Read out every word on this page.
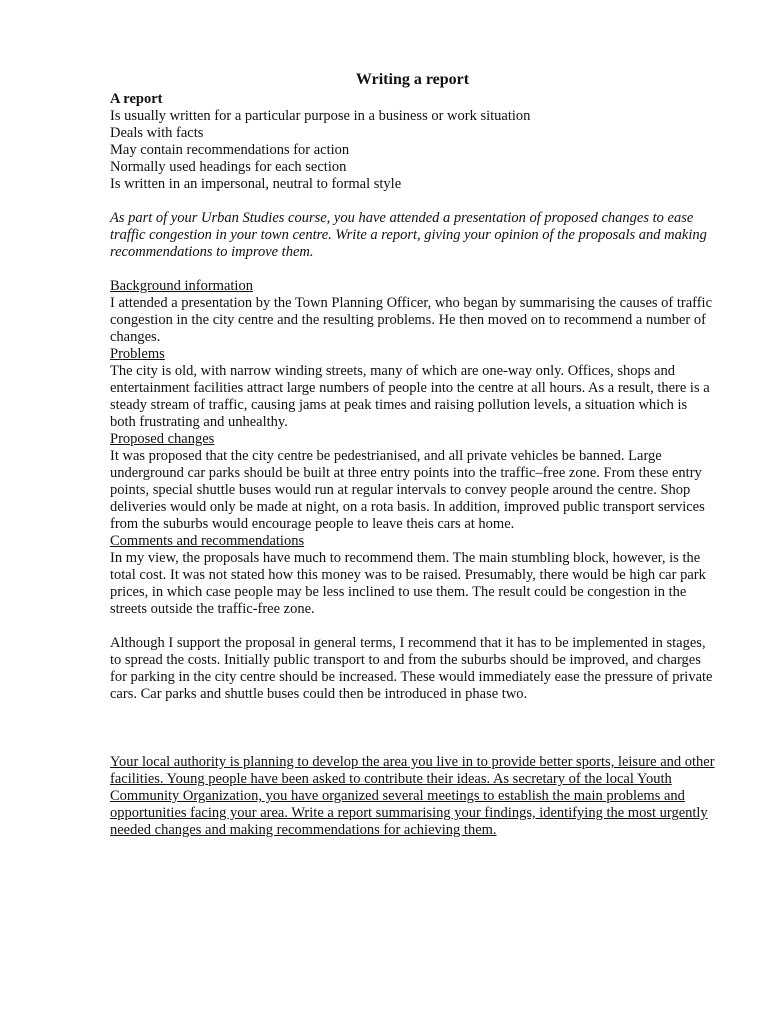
Writing a report

A report

Is usually written for a particular purpose in a business or work situation

Deals with facts

May contain recommendations for action

Normally used headings for each section

Is written in an impersonal, neutral to formal style

As part of your Urban Studies course, you have attended a presentation of proposed changes to ease traffic congestion in your town centre. Write a report, giving your opinion of the proposals and making recommendations to improve them.

Background information

I attended a presentation by the Town Planning Officer, who began by summarising the causes of traffic congestion in the city centre and the resulting problems. He then moved on to recommend a number of changes.

Problems

The city is old, with narrow winding streets, many of which are one-way only. Offices, shops and entertainment facilities attract large numbers of people into the centre at all hours. As a result, there is a steady stream of traffic, causing jams at peak times and raising pollution levels, a situation which is both frustrating and unhealthy.

Proposed changes

It was proposed that the city centre be pedestrianised, and all private vehicles be banned. Large underground car parks should be built at three entry points into the traffic–free zone. From these entry points, special shuttle buses would run at regular intervals to convey people around the centre. Shop deliveries would only be made at night, on a rota basis. In addition, improved public transport services from the suburbs would encourage people to leave theis cars at home.

Comments and recommendations

In my view, the proposals have much to recommend them. The main stumbling block, however, is the total cost. It was not stated how this money was to be raised. Presumably, there would be high car park prices, in which case people may be less inclined to use them. The result could be congestion in the streets outside the traffic-free zone.

Although I support the proposal in general terms, I recommend that it has to be implemented in stages, to spread the costs. Initially public transport to and from the suburbs should be improved, and charges for parking in the city centre should be increased. These would immediately ease the pressure of private cars. Car parks and shuttle buses could then be introduced in phase two.

Your local authority is planning to develop the area you live in to provide better sports, leisure and other facilities. Young people have been asked to contribute their ideas. As secretary of the local Youth Community Organization, you have organized several meetings to establish the main problems and opportunities facing your area. Write a report summarising your findings, identifying the most urgently needed changes and making recommendations for achieving them.
